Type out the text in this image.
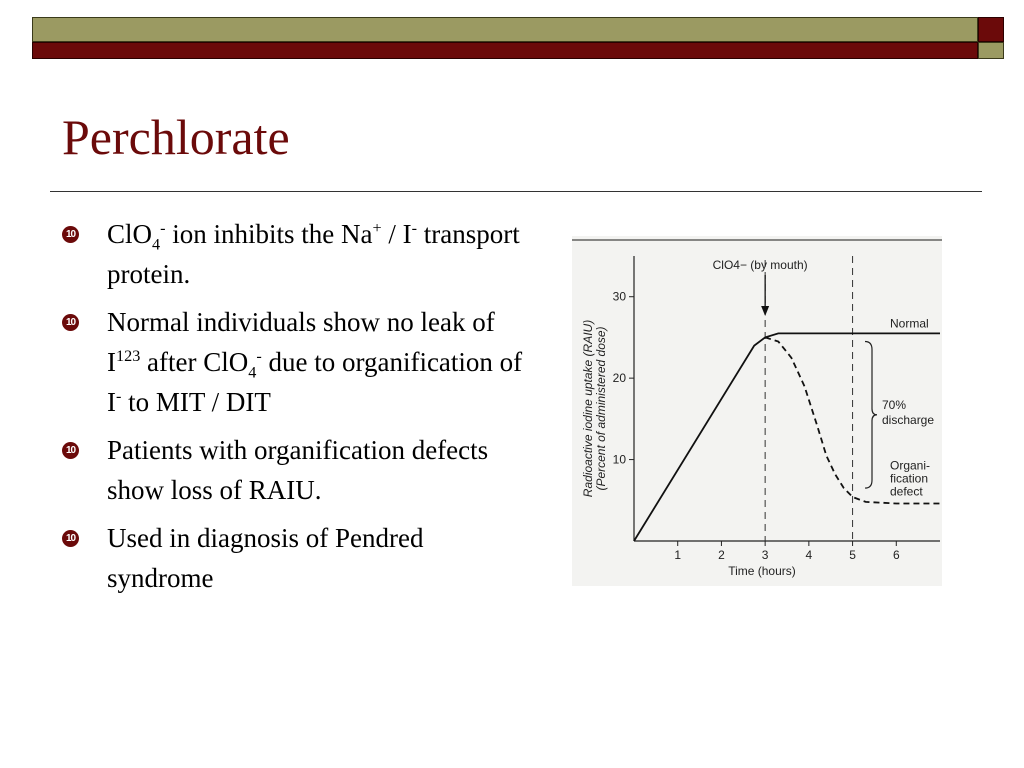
Perchlorate
10 ClO$_4$- ion inhibits the Na+ / I- transport protein.
10 Normal individuals show no leak of $I^{123}$ after ClO$_4$- due to organification of I- to MIT / DIT
10 Patients with organification defects show loss of RAIU.
10 Used in diagnosis of Pendred syndrome
1	2	3	4	5	6
10
20
30
Time (hours)
Radioactive iodine uptake (RAIU) (Percent of administered dose)
ClO4− (by mouth)
Normal
70%
discharge
Organi-
fication
defect
